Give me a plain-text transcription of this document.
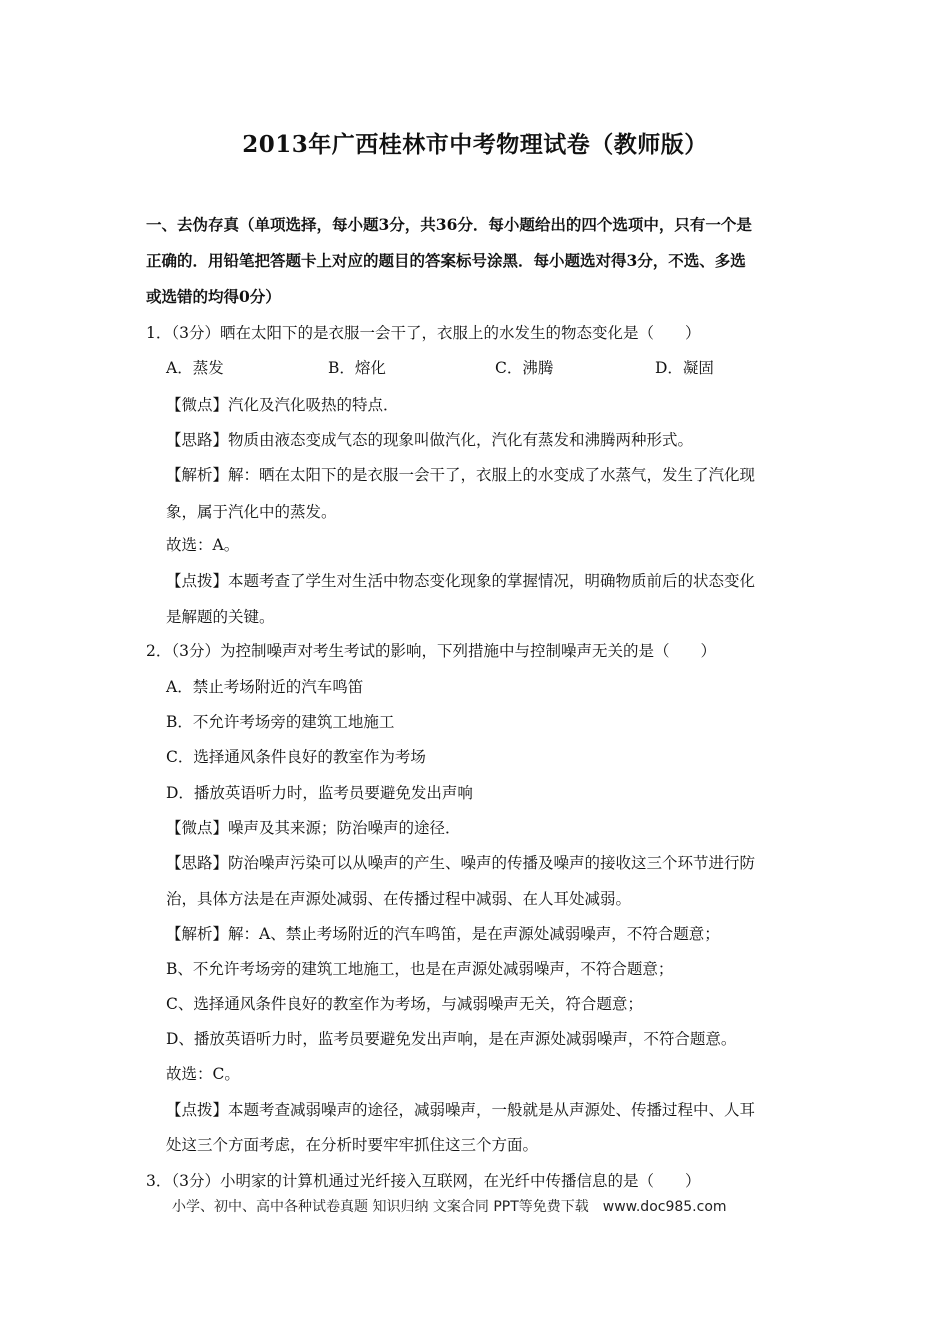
2013年广西桂林市中考物理试卷（教师版）
一、去伪存真（单项选择，每小题3分，共36分．每小题给出的四个选项中，只有一个是
正确的．用铅笔把答题卡上对应的题目的答案标号涂黑．每小题选对得3分，不选、多选
或选错的均得0分）
1．（3分）晒在太阳下的是衣服一会干了，衣服上的水发生的物态变化是（　　）
A．蒸发	B．熔化	C．沸腾	D．凝固
【微点】汽化及汽化吸热的特点．
【思路】物质由液态变成气态的现象叫做汽化，汽化有蒸发和沸腾两种形式。
【解析】解：晒在太阳下的是衣服一会干了，衣服上的水变成了水蒸气，发生了汽化现
象，属于汽化中的蒸发。
故选：A。
【点拨】本题考查了学生对生活中物态变化现象的掌握情况，明确物质前后的状态变化
是解题的关键。
2．（3分）为控制噪声对考生考试的影响，下列措施中与控制噪声无关的是（　　）
A．禁止考场附近的汽车鸣笛
B．不允许考场旁的建筑工地施工
C．选择通风条件良好的教室作为考场
D．播放英语听力时，监考员要避免发出声响
【微点】噪声及其来源；防治噪声的途径．
【思路】防治噪声污染可以从噪声的产生、噪声的传播及噪声的接收这三个环节进行防
治，具体方法是在声源处减弱、在传播过程中减弱、在人耳处减弱。
【解析】解：A、禁止考场附近的汽车鸣笛，是在声源处减弱噪声，不符合题意；
B、不允许考场旁的建筑工地施工，也是在声源处减弱噪声，不符合题意；
C、选择通风条件良好的教室作为考场，与减弱噪声无关，符合题意；
D、播放英语听力时，监考员要避免发出声响，是在声源处减弱噪声，不符合题意。
故选：C。
【点拨】本题考查减弱噪声的途径，减弱噪声，一般就是从声源处、传播过程中、人耳
处这三个方面考虑，在分析时要牢牢抓住这三个方面。
3．（3分）小明家的计算机通过光纤接入互联网，在光纤中传播信息的是（　　）
小学、初中、高中各种试卷真题 知识归纳 文案合同 PPT等免费下载　www.doc985.com
